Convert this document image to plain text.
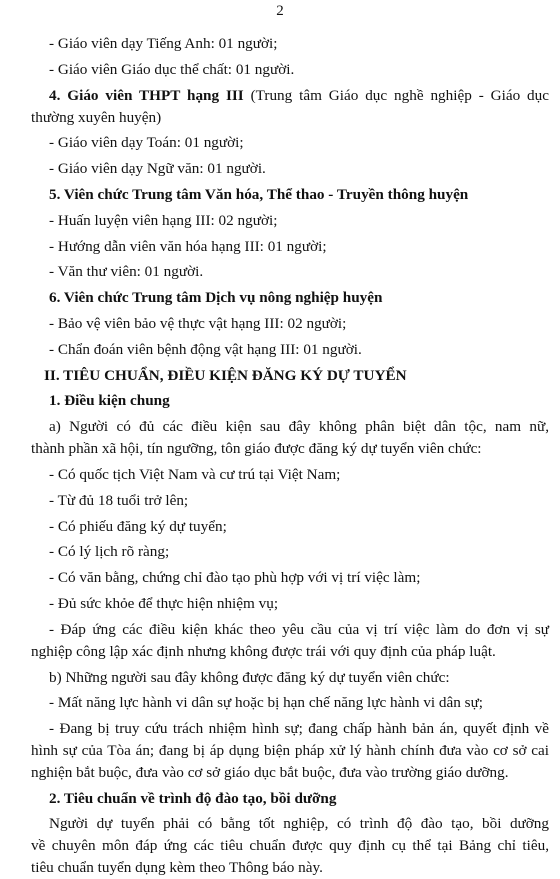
2
- Giáo viên dạy Tiếng Anh: 01 người;
- Giáo viên Giáo dục thể chất: 01 người.
4. Giáo viên THPT hạng III (Trung tâm Giáo dục nghề nghiệp - Giáo dục
thường xuyên huyện)
- Giáo viên dạy Toán: 01 người;
- Giáo viên dạy Ngữ văn: 01 người.
5. Viên chức Trung tâm Văn hóa, Thể thao - Truyền thông huyện
- Huấn luyện viên hạng III: 02 người;
- Hướng dẫn viên văn hóa hạng III: 01 người;
- Văn thư viên: 01 người.
6. Viên chức Trung tâm Dịch vụ nông nghiệp huyện
- Bảo vệ viên bảo vệ thực vật hạng III: 02 người;
- Chẩn đoán viên bệnh động vật hạng III: 01 người.
II. TIÊU CHUẨN, ĐIỀU KIỆN ĐĂNG KÝ DỰ TUYỂN
1. Điều kiện chung
a) Người có đủ các điều kiện sau đây không phân biệt dân tộc, nam nữ,
thành phần xã hội, tín ngưỡng, tôn giáo được đăng ký dự tuyển viên chức:
- Có quốc tịch Việt Nam và cư trú tại Việt Nam;
- Từ đủ 18 tuổi trở lên;
- Có phiếu đăng ký dự tuyển;
- Có lý lịch rõ ràng;
- Có văn bằng, chứng chỉ đào tạo phù hợp với vị trí việc làm;
- Đủ sức khỏe để thực hiện nhiệm vụ;
- Đáp ứng các điều kiện khác theo yêu cầu của vị trí việc làm do đơn vị sự
nghiệp công lập xác định nhưng không được trái với quy định của pháp luật.
b) Những người sau đây không được đăng ký dự tuyển viên chức:
- Mất năng lực hành vi dân sự hoặc bị hạn chế năng lực hành vi dân sự;
- Đang bị truy cứu trách nhiệm hình sự; đang chấp hành bản án, quyết định về
hình sự của Tòa án; đang bị áp dụng biện pháp xử lý hành chính đưa vào cơ sở cai
nghiện bắt buộc, đưa vào cơ sở giáo dục bắt buộc, đưa vào trường giáo dưỡng.
2. Tiêu chuẩn về trình độ đào tạo, bồi dưỡng
Người dự tuyển phải có bằng tốt nghiệp, có trình độ đào tạo, bồi dưỡng
về chuyên môn đáp ứng các tiêu chuẩn được quy định cụ thể tại Bảng chỉ tiêu,
tiêu chuẩn tuyển dụng kèm theo Thông báo này.
